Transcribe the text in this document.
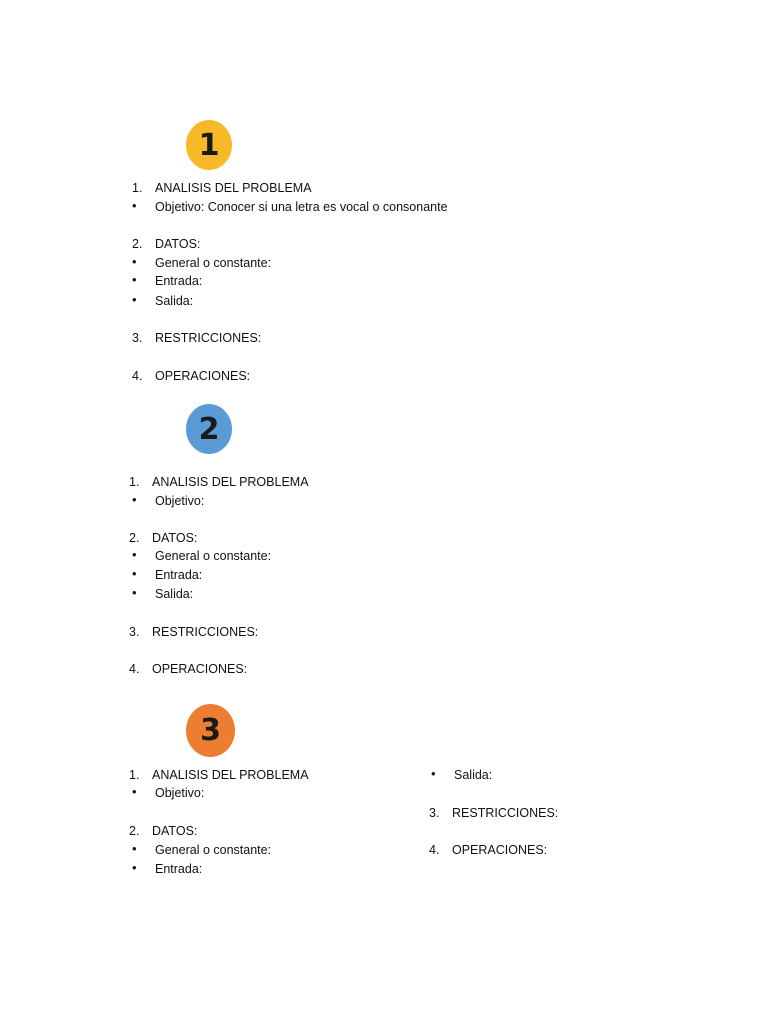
1
1. ANALISIS DEL PROBLEMA
• Objetivo: Conocer si una letra es vocal o consonante
2. DATOS:
• General o constante:
• Entrada:
• Salida:
3. RESTRICCIONES:
4. OPERACIONES:
2
1. ANALISIS DEL PROBLEMA
• Objetivo:
2. DATOS:
• General o constante:
• Entrada:
• Salida:
3. RESTRICCIONES:
4. OPERACIONES:
3
1. ANALISIS DEL PROBLEMA
• Objetivo:
2. DATOS:
• General o constante:
• Entrada:
• Salida:
3. RESTRICCIONES:
4. OPERACIONES:
